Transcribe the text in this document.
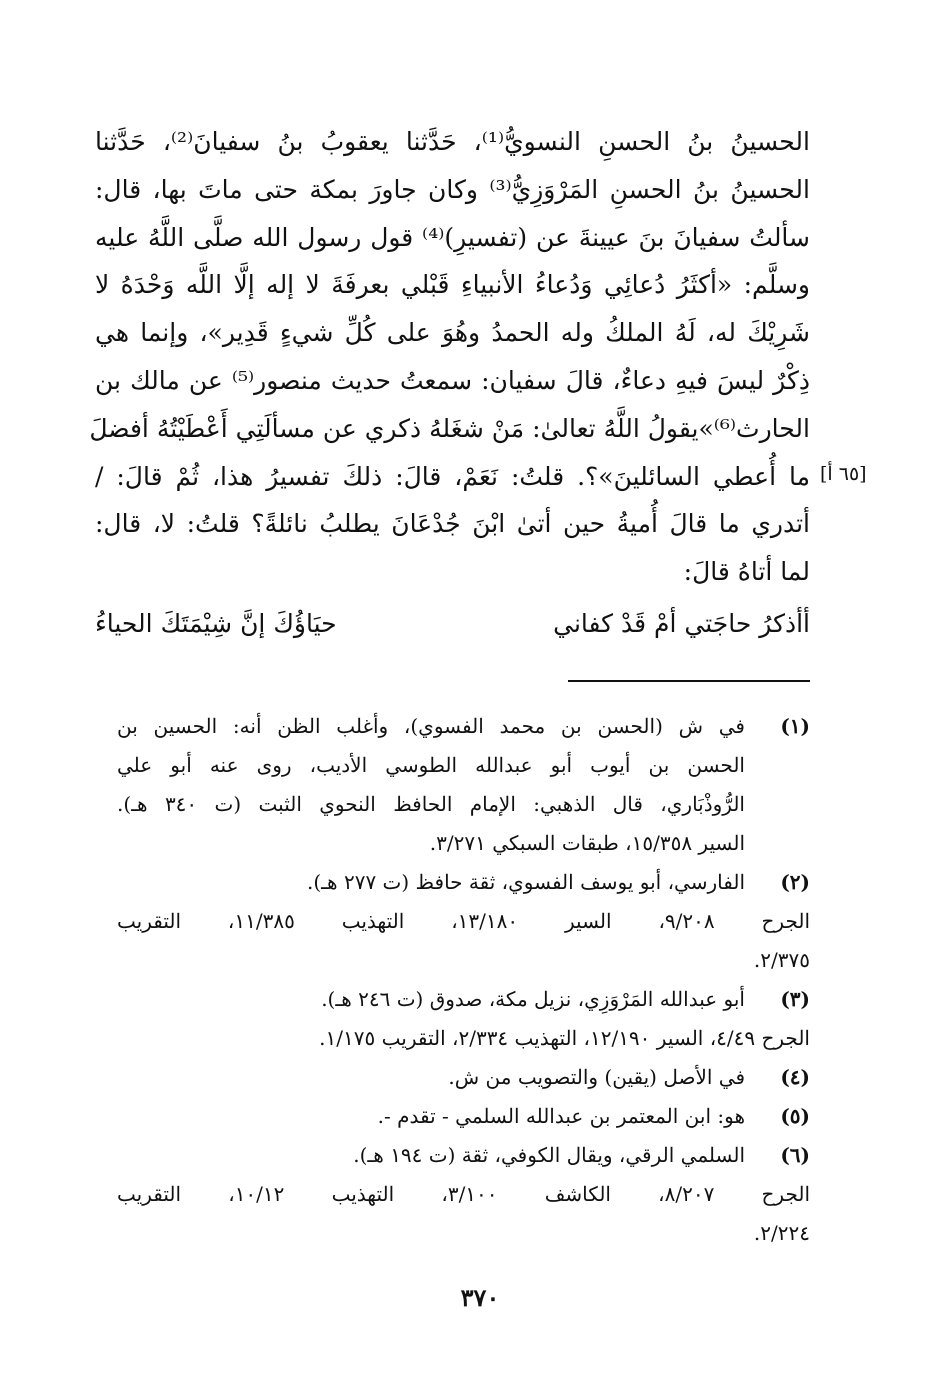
الحسينُ بنُ الحسنِ النسويُّ⁽¹⁾، حَدَّثنا يعقوبُ بنُ سفيانَ⁽²⁾، حَدَّثنا
الحسينُ بنُ الحسنِ المَرْوَزِيُّ⁽³⁾ وكان جاورَ بمكة حتى ماتَ بها، قال:
سألتُ سفيانَ بنَ عيينةَ عن (تفسيرِ)⁽⁴⁾ قول رسول الله صلَّى اللَّهُ عليه
وسلَّم: «أكثَرُ دُعائِي وَدُعاءُ الأنبياءِ قَبْلي بعرفَةَ لا إله إلَّا اللَّه وَحْدَهُ لا
شَرِيْكَ له، لَهُ الملكُ وله الحمدُ وهُوَ على كُلِّ شيءٍ قَدِير»، وإنما هي
ذِكْرٌ ليسَ فيهِ دعاءٌ، قالَ سفيان: سمعتُ حديث منصور⁽⁵⁾ عن مالك بن
الحارث⁽⁶⁾»يقولُ اللَّهُ تعالىٰ: مَنْ شغَلهُ ذكري عن مسألَتِي أَعْطَيْتُهُ أفضلَ
ما أُعطي السائلينَ»؟. قلتُ: نَعَمْ، قالَ: ذلكَ تفسيرُ هذا، ثُمْ قالَ: /
أتدري ما قالَ أُميةُ حين أتىٰ ابْنَ جُدْعَانَ يطلبُ نائلةً؟ قلتُ: لا، قال:
لما أتاهُ قالَ:
[٦٥ أ]
أأذكرُ حاجَتي أمْ قَدْ كفاني
حيَاؤُكَ إنَّ شِيْمَتَكَ الحياءُ
(١)
في ش (الحسن بن محمد الفسوي)، وأغلب الظن أنه: الحسين بن
الحسن بن أيوب أبو عبدالله الطوسي الأديب، روى عنه أبو علي
الرُّوذْبَاري، قال الذهبي: الإمام الحافظ النحوي الثبت (ت ٣٤٠ هـ).
السير ١٥/٣٥٨، طبقات السبكي ٣/٢٧١.
(٢)
الفارسي، أبو يوسف الفسوي، ثقة حافظ (ت ٢٧٧ هـ).
الجرح ٩/٢٠٨، السير ١٣/١٨٠، التهذيب ١١/٣٨٥، التقريب
٢/٣٧٥.
(٣)
أبو عبدالله المَرْوَزِي، نزيل مكة، صدوق (ت ٢٤٦ هـ).
الجرح ٤/٤٩، السير ١٢/١٩٠، التهذيب ٢/٣٣٤، التقريب ١/١٧٥.
(٤)
في الأصل (يقين) والتصويب من ش.
(٥)
هو: ابن المعتمر بن عبدالله السلمي - تقدم -.
(٦)
السلمي الرقي، ويقال الكوفي، ثقة (ت ١٩٤ هـ).
الجرح ٨/٢٠٧، الكاشف ٣/١٠٠، التهذيب ١٠/١٢، التقريب
٢/٢٢٤.
٣٧٠
